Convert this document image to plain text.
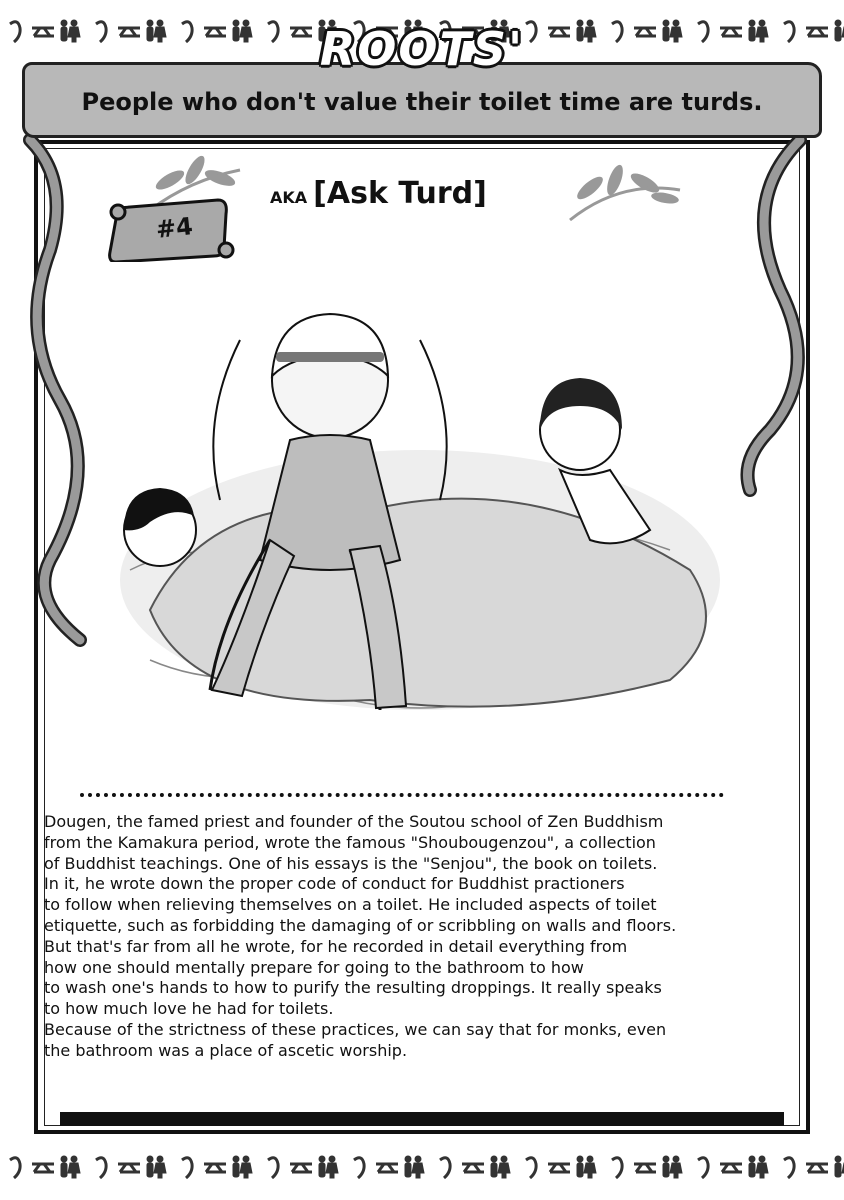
ROOTS'
People who don't value their toilet time are turds.
AKA [Ask Turd]
#4

Dougen, the famed priest and founder of the Soutou school of Zen Buddhism

from the Kamakura period, wrote the famous "Shoubougenzou", a collection

of Buddhist teachings. One of his essays is the "Senjou", the book on toilets.

In it, he wrote down the proper code of conduct for Buddhist practioners

to follow when relieving themselves on a toilet. He included aspects of toilet

etiquette, such as forbidding the damaging of or scribbling on walls and floors.

But that's far from all he wrote, for he recorded in detail everything from

how one should mentally prepare for going to the bathroom to how

to wash one's hands to how to purify the resulting droppings. It really speaks

to how much love he had for toilets.

Because of the strictness of these practices, we can say that for monks, even

the bathroom was a place of ascetic worship.
